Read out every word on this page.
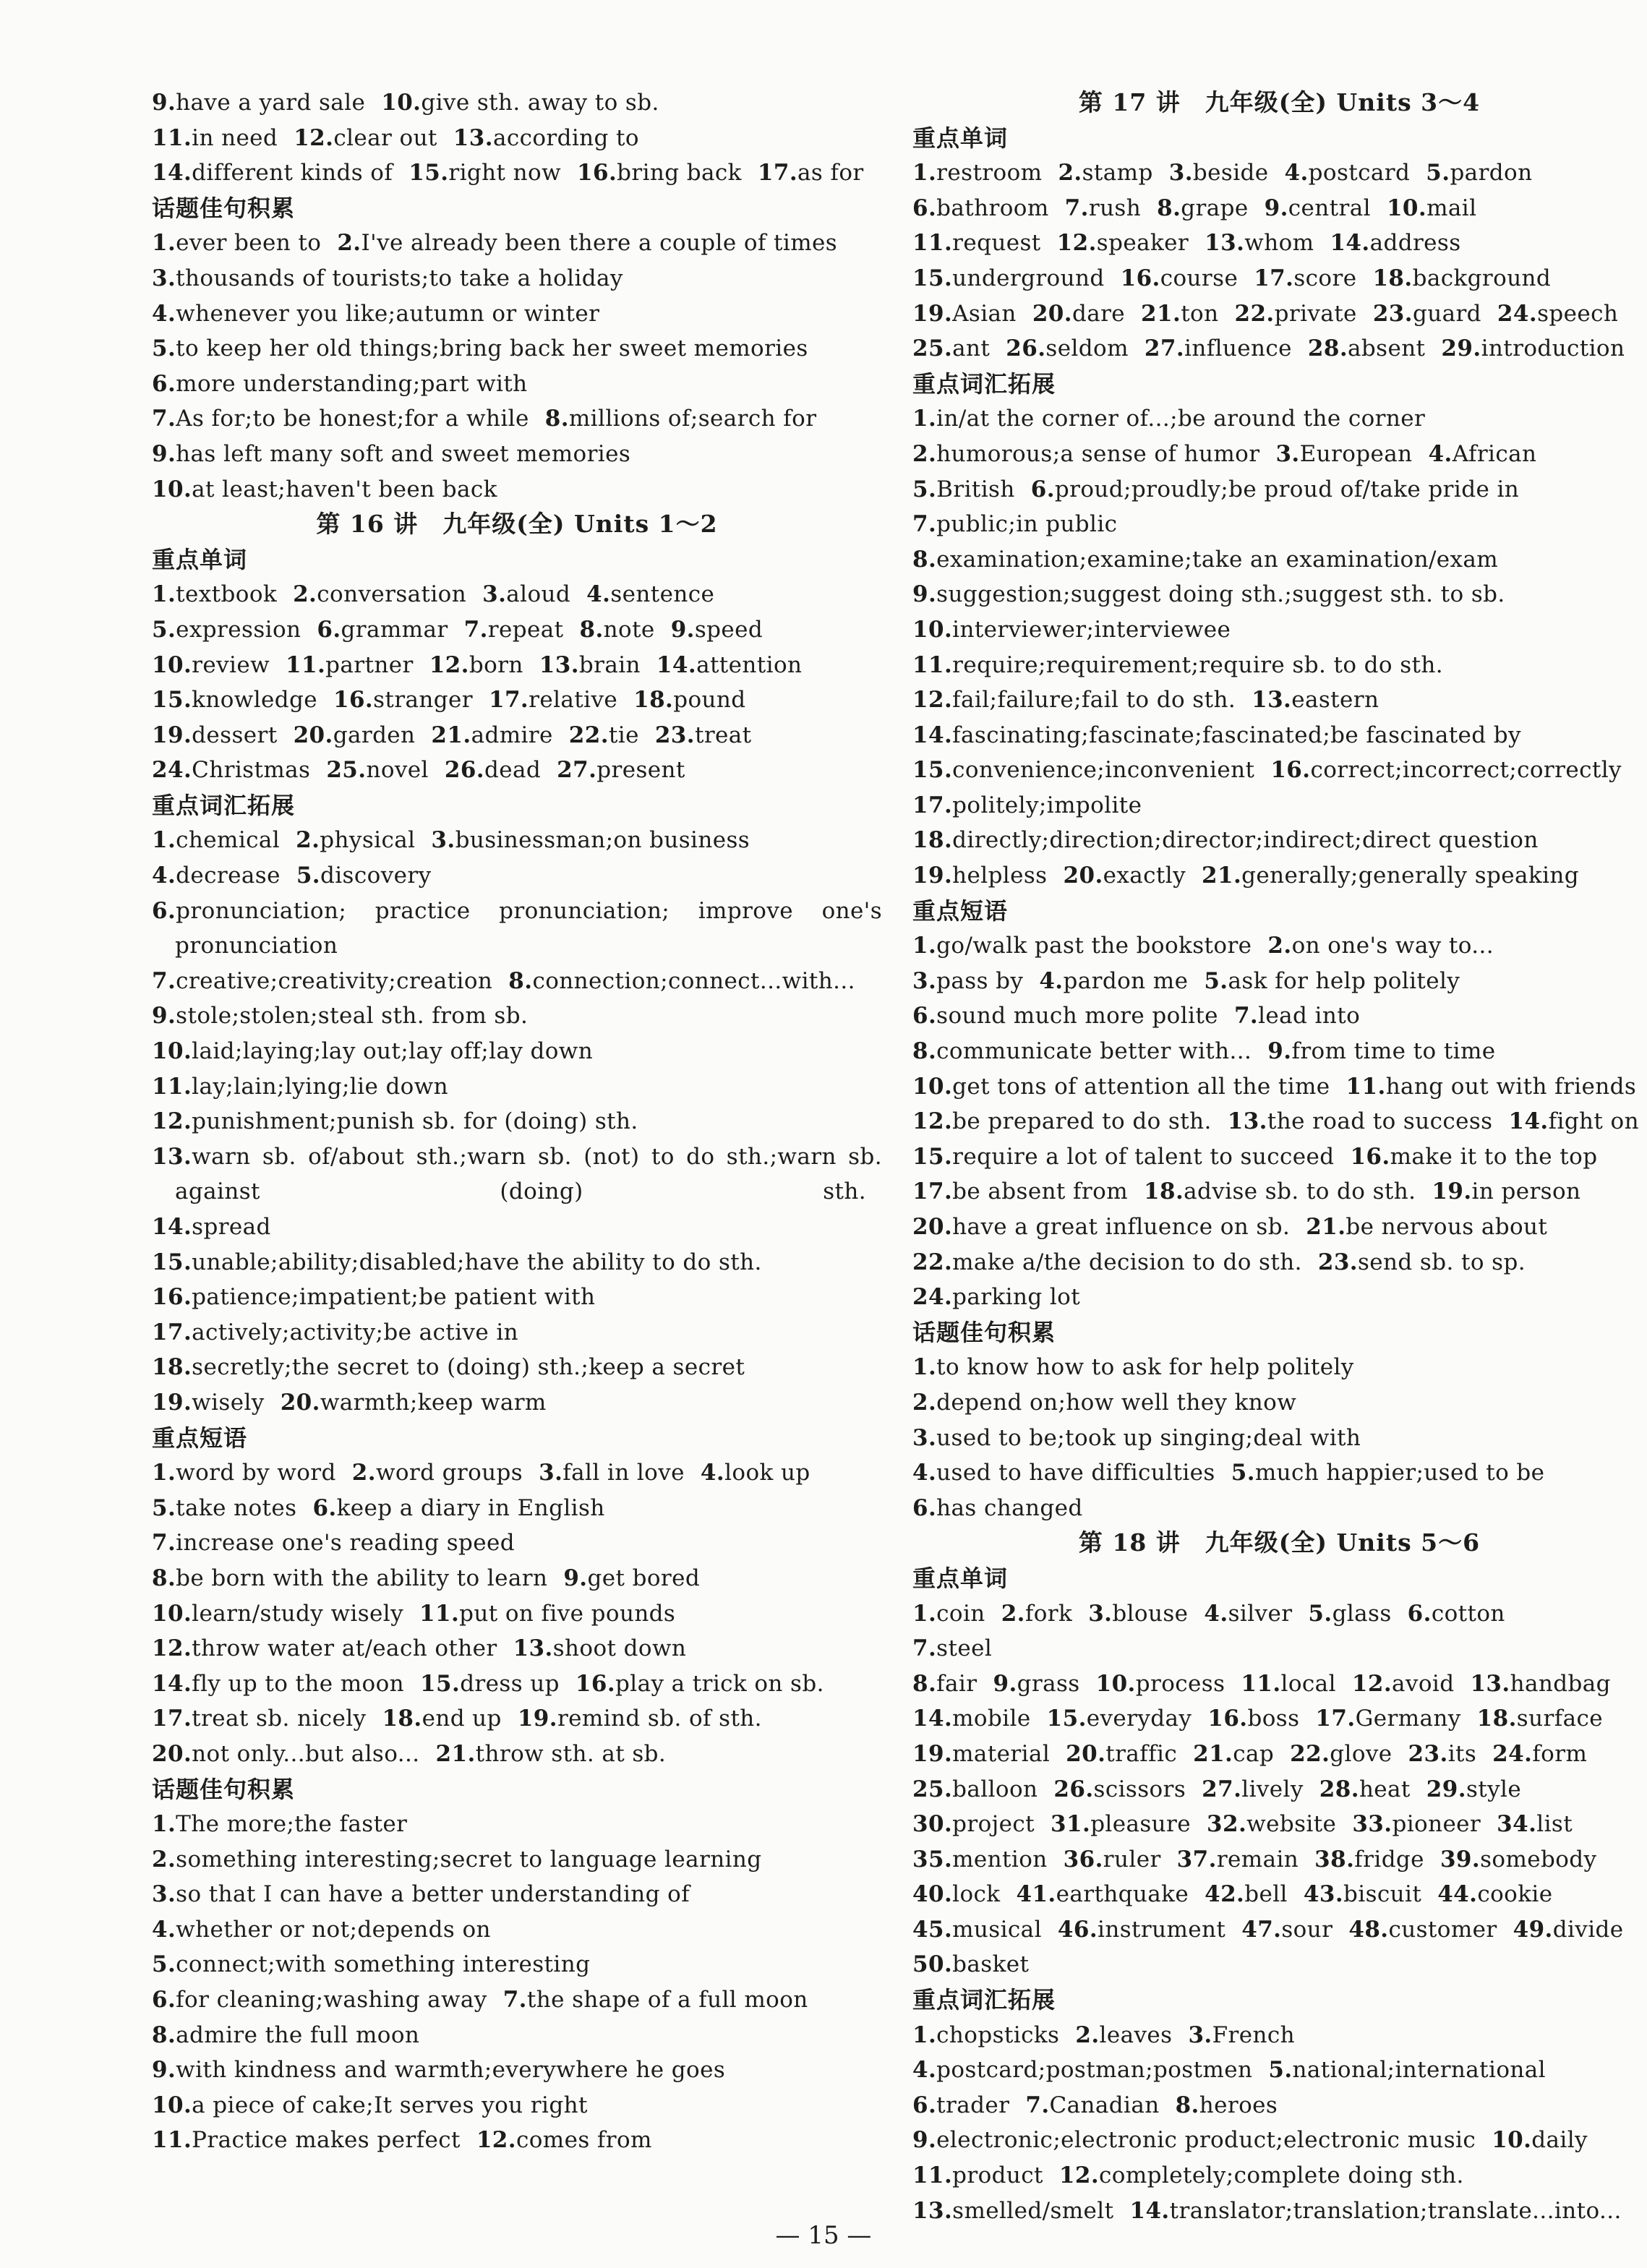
9.have a yard sale 10.give sth. away to sb.
11.in need 12.clear out 13.according to
14.different kinds of 15.right now 16.bring back 17.as for
话题佳句积累
1.ever been to 2.I've already been there a couple of times
3.thousands of tourists;to take a holiday
4.whenever you like;autumn or winter
5.to keep her old things;bring back her sweet memories
6.more understanding;part with
7.As for;to be honest;for a while 8.millions of;search for
9.has left many soft and sweet memories
10.at least;haven't been back
第 16 讲　九年级(全) Units 1～2
重点单词
1.textbook 2.conversation 3.aloud 4.sentence
5.expression 6.grammar 7.repeat 8.note 9.speed
10.review 11.partner 12.born 13.brain 14.attention
15.knowledge 16.stranger 17.relative 18.pound
19.dessert 20.garden 21.admire 22.tie 23.treat
24.Christmas 25.novel 26.dead 27.present
重点词汇拓展
1.chemical 2.physical 3.businessman;on business
4.decrease 5.discovery
6.pronunciation;　practice　pronunciation;　improve　one's pronunciation
7.creative;creativity;creation 8.connection;connect...with...
9.stole;stolen;steal sth. from sb.
10.laid;laying;lay out;lay off;lay down
11.lay;lain;lying;lie down
12.punishment;punish sb. for (doing) sth.
13.warn sb. of/about sth.;warn sb. (not) to do sth.;warn sb. against (doing) sth.
14.spread
15.unable;ability;disabled;have the ability to do sth.
16.patience;impatient;be patient with
17.actively;activity;be active in
18.secretly;the secret to (doing) sth.;keep a secret
19.wisely 20.warmth;keep warm
重点短语
1.word by word 2.word groups 3.fall in love 4.look up
5.take notes 6.keep a diary in English
7.increase one's reading speed
8.be born with the ability to learn 9.get bored
10.learn/study wisely 11.put on five pounds
12.throw water at/each other 13.shoot down
14.fly up to the moon 15.dress up 16.play a trick on sb.
17.treat sb. nicely 18.end up 19.remind sb. of sth.
20.not only...but also... 21.throw sth. at sb.
话题佳句积累
1.The more;the faster
2.something interesting;secret to language learning
3.so that I can have a better understanding of
4.whether or not;depends on
5.connect;with something interesting
6.for cleaning;washing away 7.the shape of a full moon
8.admire the full moon
9.with kindness and warmth;everywhere he goes
10.a piece of cake;It serves you right
11.Practice makes perfect 12.comes from
第 17 讲　九年级(全) Units 3～4
重点单词
1.restroom 2.stamp 3.beside 4.postcard 5.pardon
6.bathroom 7.rush 8.grape 9.central 10.mail
11.request 12.speaker 13.whom 14.address
15.underground 16.course 17.score 18.background
19.Asian 20.dare 21.ton 22.private 23.guard 24.speech
25.ant 26.seldom 27.influence 28.absent 29.introduction
重点词汇拓展
1.in/at the corner of...;be around the corner
2.humorous;a sense of humor 3.European 4.African
5.British 6.proud;proudly;be proud of/take pride in
7.public;in public
8.examination;examine;take an examination/exam
9.suggestion;suggest doing sth.;suggest sth. to sb.
10.interviewer;interviewee
11.require;requirement;require sb. to do sth.
12.fail;failure;fail to do sth. 13.eastern
14.fascinating;fascinate;fascinated;be fascinated by
15.convenience;inconvenient 16.correct;incorrect;correctly
17.politely;impolite
18.directly;direction;director;indirect;direct question
19.helpless 20.exactly 21.generally;generally speaking
重点短语
1.go/walk past the bookstore 2.on one's way to...
3.pass by 4.pardon me 5.ask for help politely
6.sound much more polite 7.lead into
8.communicate better with... 9.from time to time
10.get tons of attention all the time 11.hang out with friends
12.be prepared to do sth. 13.the road to success 14.fight on
15.require a lot of talent to succeed 16.make it to the top
17.be absent from 18.advise sb. to do sth. 19.in person
20.have a great influence on sb. 21.be nervous about
22.make a/the decision to do sth. 23.send sb. to sp.
24.parking lot
话题佳句积累
1.to know how to ask for help politely
2.depend on;how well they know
3.used to be;took up singing;deal with
4.used to have difficulties 5.much happier;used to be
6.has changed
第 18 讲　九年级(全) Units 5～6
重点单词
1.coin 2.fork 3.blouse 4.silver 5.glass 6.cotton
7.steel
8.fair 9.grass 10.process 11.local 12.avoid 13.handbag
14.mobile 15.everyday 16.boss 17.Germany 18.surface
19.material 20.traffic 21.cap 22.glove 23.its 24.form
25.balloon 26.scissors 27.lively 28.heat 29.style
30.project 31.pleasure 32.website 33.pioneer 34.list
35.mention 36.ruler 37.remain 38.fridge 39.somebody
40.lock 41.earthquake 42.bell 43.biscuit 44.cookie
45.musical 46.instrument 47.sour 48.customer 49.divide
50.basket
重点词汇拓展
1.chopsticks 2.leaves 3.French
4.postcard;postman;postmen 5.national;international
6.trader 7.Canadian 8.heroes
9.electronic;electronic product;electronic music 10.daily
11.product 12.completely;complete doing sth.
13.smelled/smelt 14.translator;translation;translate...into...
— 15 —
